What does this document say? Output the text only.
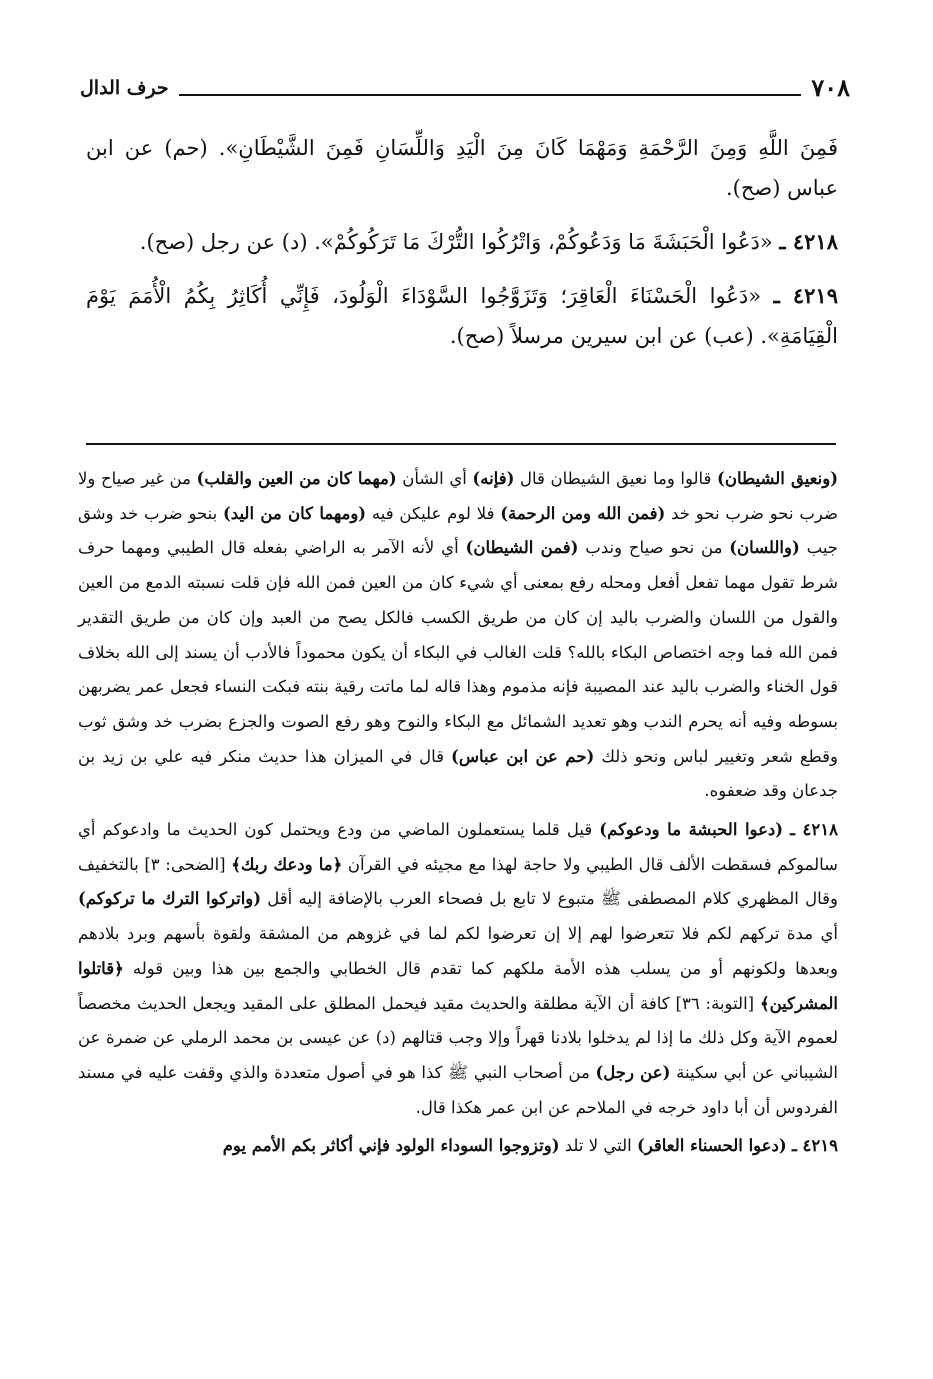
٧٠٨
حرف الدال

فَمِنَ اللَّهِ وَمِنَ الرَّحْمَةِ وَمَهْمَا كَانَ مِنَ الْيَدِ وَاللِّسَانِ فَمِنَ الشَّيْطَانِ». (حم) عن ابن عباس (صح).

٤٢١٨ ـ «دَعُوا الْحَبَشَةَ مَا وَدَعُوكُمْ، وَاتْرُكُوا التُّرْكَ مَا تَرَكُوكُمْ». (د) عن رجل (صح).

٤٢١٩ ـ «دَعُوا الْحَسْنَاءَ الْعَاقِرَ؛ وَتَزَوَّجُوا السَّوْدَاءَ الْوَلُودَ، فَإِنِّي أُكَاثِرُ بِكُمُ الْأُمَمَ يَوْمَ الْقِيَامَةِ». (عب) عن ابن سيرين مرسلاً (صح).

(ونعيق الشيطان) قالوا وما نعيق الشيطان قال (فإنه) أي الشأن (مهما كان من العين والقلب) من غير صياح ولا ضرب نحو ضرب نحو خد (فمن الله ومن الرحمة) فلا لوم عليكن فيه (ومهما كان من اليد) بنحو ضرب خد وشق جيب (واللسان) من نحو صياح وندب (فمن الشيطان) أي لأنه الآمر به الراضي بفعله قال الطيبي ومهما حرف شرط تقول مهما تفعل أفعل ومحله رفع بمعنى أي شيء كان من العين فمن الله فإن قلت نسبته الدمع من العين والقول من اللسان والضرب باليد إن كان من طريق الكسب فالكل يصح من العبد وإن كان من طريق التقدير فمن الله فما وجه اختصاص البكاء بالله؟ قلت الغالب في البكاء أن يكون محموداً فالأدب أن يسند إلى الله بخلاف قول الخناء والضرب باليد عند المصيبة فإنه مذموم وهذا قاله لما ماتت رقية بنته فبكت النساء فجعل عمر يضربهن بسوطه وفيه أنه يحرم الندب وهو تعديد الشمائل مع البكاء والنوح وهو رفع الصوت والجزع بضرب خد وشق ثوب وقطع شعر وتغيير لباس ونحو ذلك (حم عن ابن عباس) قال في الميزان هذا حديث منكر فيه علي بن زيد بن جدعان وقد ضعفوه.

٤٢١٨ ـ (دعوا الحبشة ما ودعوكم) قيل قلما يستعملون الماضي من ودع ويحتمل كون الحديث ما وادعوكم أي سالموكم فسقطت الألف قال الطيبي ولا حاجة لهذا مع مجيئه في القرآن ﴿ما ودعك ربك﴾ [الضحى: ٣] بالتخفيف وقال المظهري كلام المصطفى ﷺ متبوع لا تابع بل فصحاء العرب بالإضافة إليه أقل (واتركوا الترك ما تركوكم) أي مدة تركهم لكم فلا تتعرضوا لهم إلا إن تعرضوا لكم لما في غزوهم من المشقة ولقوة بأسهم وبرد بلادهم وبعدها ولكونهم أو من يسلب هذه الأمة ملكهم كما تقدم قال الخطابي والجمع بين هذا وبين قوله ﴿قاتلوا المشركين﴾ [التوبة: ٣٦] كافة أن الآية مطلقة والحديث مقيد فيحمل المطلق على المقيد ويجعل الحديث مخصصاً لعموم الآية وكل ذلك ما إذا لم يدخلوا بلادنا قهراً وإلا وجب قتالهم (د) عن عيسى بن محمد الرملي عن ضمرة عن الشيباني عن أبي سكينة (عن رجل) من أصحاب النبي ﷺ كذا هو في أصول متعددة والذي وقفت عليه في مسند الفردوس أن أبا داود خرجه في الملاحم عن ابن عمر هكذا قال.

٤٢١٩ ـ (دعوا الحسناء العاقر) التي لا تلد (وتزوجوا السوداء الولود فإني أكاثر بكم الأمم يوم
